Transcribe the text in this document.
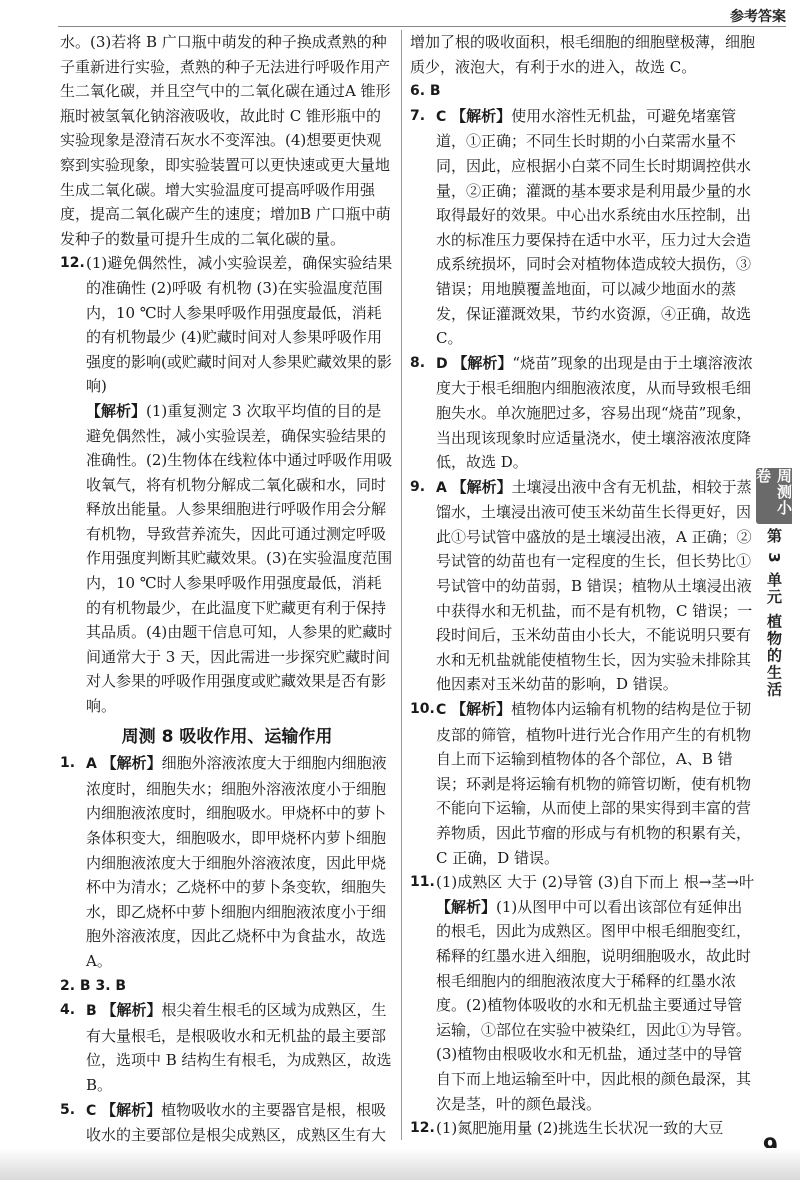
参考答案
水。(3)若将 B 广口瓶中萌发的种子换成煮熟的种子重新进行实验，煮熟的种子无法进行呼吸作用产生二氧化碳，并且空气中的二氧化碳在通过A 锥形瓶时被氢氧化钠溶液吸收，故此时 C 锥形瓶中的实验现象是澄清石灰水不变浑浊。(4)想要更快观察到实验现象，即实验装置可以更快速或更大量地生成二氧化碳。增大实验温度可提高呼吸作用强度，提高二氧化碳产生的速度；增加B 广口瓶中萌发种子的数量可提升生成的二氧化碳的量。
12. (1)避免偶然性，减小实验误差，确保实验结果的准确性 (2)呼吸 有机物 (3)在实验温度范围内，10 ℃时人参果呼吸作用强度最低，消耗的有机物最少 (4)贮藏时间对人参果呼吸作用强度的影响(或贮藏时间对人参果贮藏效果的影响)
【解析】(1)重复测定 3 次取平均值的目的是避免偶然性，减小实验误差，确保实验结果的准确性。(2)生物体在线粒体中通过呼吸作用吸收氧气，将有机物分解成二氧化碳和水，同时释放出能量。人参果细胞进行呼吸作用会分解有机物，导致营养流失，因此可通过测定呼吸作用强度判断其贮藏效果。(3)在实验温度范围内，10 ℃时人参果呼吸作用强度最低，消耗的有机物最少，在此温度下贮藏更有利于保持其品质。(4)由题干信息可知，人参果的贮藏时间通常大于 3 天，因此需进一步探究贮藏时间对人参果的呼吸作用强度或贮藏效果是否有影响。
周测 8 吸收作用、运输作用
1. A 【解析】细胞外溶液浓度大于细胞内细胞液浓度时，细胞失水；细胞外溶液浓度小于细胞内细胞液浓度时，细胞吸水。甲烧杯中的萝卜条体积变大，细胞吸水，即甲烧杯内萝卜细胞内细胞液浓度大于细胞外溶液浓度，因此甲烧杯中为清水；乙烧杯中的萝卜条变软，细胞失水，即乙烧杯中萝卜细胞内细胞液浓度小于细胞外溶液浓度，因此乙烧杯中为食盐水，故选 A。
2. B 3. B
4. B 【解析】根尖着生根毛的区域为成熟区，生有大量根毛，是根吸收水和无机盐的最主要部位，选项中 B 结构生有根毛，为成熟区，故选 B。
5. C 【解析】植物吸收水的主要器官是根，根吸收水的主要部位是根尖成熟区，成熟区生有大
增加了根的吸收面积，根毛细胞的细胞壁极薄，细胞质少，液泡大，有利于水的进入，故选 C。
6. B
7. C 【解析】使用水溶性无机盐，可避免堵塞管道，①正确；不同生长时期的小白菜需水量不同，因此，应根据小白菜不同生长时期调控供水量，②正确；灌溉的基本要求是利用最少量的水取得最好的效果。中心出水系统由水压控制，出水的标准压力要保持在适中水平，压力过大会造成系统损坏，同时会对植物体造成较大损伤，③错误；用地膜覆盖地面，可以减少地面水的蒸发，保证灌溉效果，节约水资源，④正确，故选 C。
8. D 【解析】“烧苗”现象的出现是由于土壤溶液浓度大于根毛细胞内细胞液浓度，从而导致根毛细胞失水。单次施肥过多，容易出现“烧苗”现象，当出现该现象时应适量浇水，使土壤溶液浓度降低，故选 D。
9. A 【解析】土壤浸出液中含有无机盐，相较于蒸馏水，土壤浸出液可使玉米幼苗生长得更好，因此①号试管中盛放的是土壤浸出液，A 正确；②号试管的幼苗也有一定程度的生长，但长势比①号试管中的幼苗弱，B 错误；植物从土壤浸出液中获得水和无机盐，而不是有机物，C 错误；一段时间后，玉米幼苗由小长大，不能说明只要有水和无机盐就能使植物生长，因为实验未排除其他因素对玉米幼苗的影响，D 错误。
10. C 【解析】植物体内运输有机物的结构是位于韧皮部的筛管，植物叶进行光合作用产生的有机物自上而下运输到植物体的各个部位，A、B 错误；环剥是将运输有机物的筛管切断，使有机物不能向下运输，从而使上部的果实得到丰富的营养物质，因此节瘤的形成与有机物的积累有关，C 正确，D 错误。
11. (1)成熟区 大于 (2)导管 (3)自下而上 根→茎→叶
【解析】(1)从图甲中可以看出该部位有延伸出的根毛，因此为成熟区。图甲中根毛细胞变红，稀释的红墨水进入细胞，说明细胞吸水，故此时根毛细胞内的细胞液浓度大于稀释的红墨水浓度。(2)植物体吸收的水和无机盐主要通过导管运输，①部位在实验中被染红，因此①为导管。(3)植物由根吸收水和无机盐，通过茎中的导管自下而上地运输至叶中，因此根的颜色最深，其次是茎，叶的颜色最浅。
12. (1)氮肥施用量 (2)挑选生长状况一致的大豆
周测小卷
第 3 单元 植物的生活
